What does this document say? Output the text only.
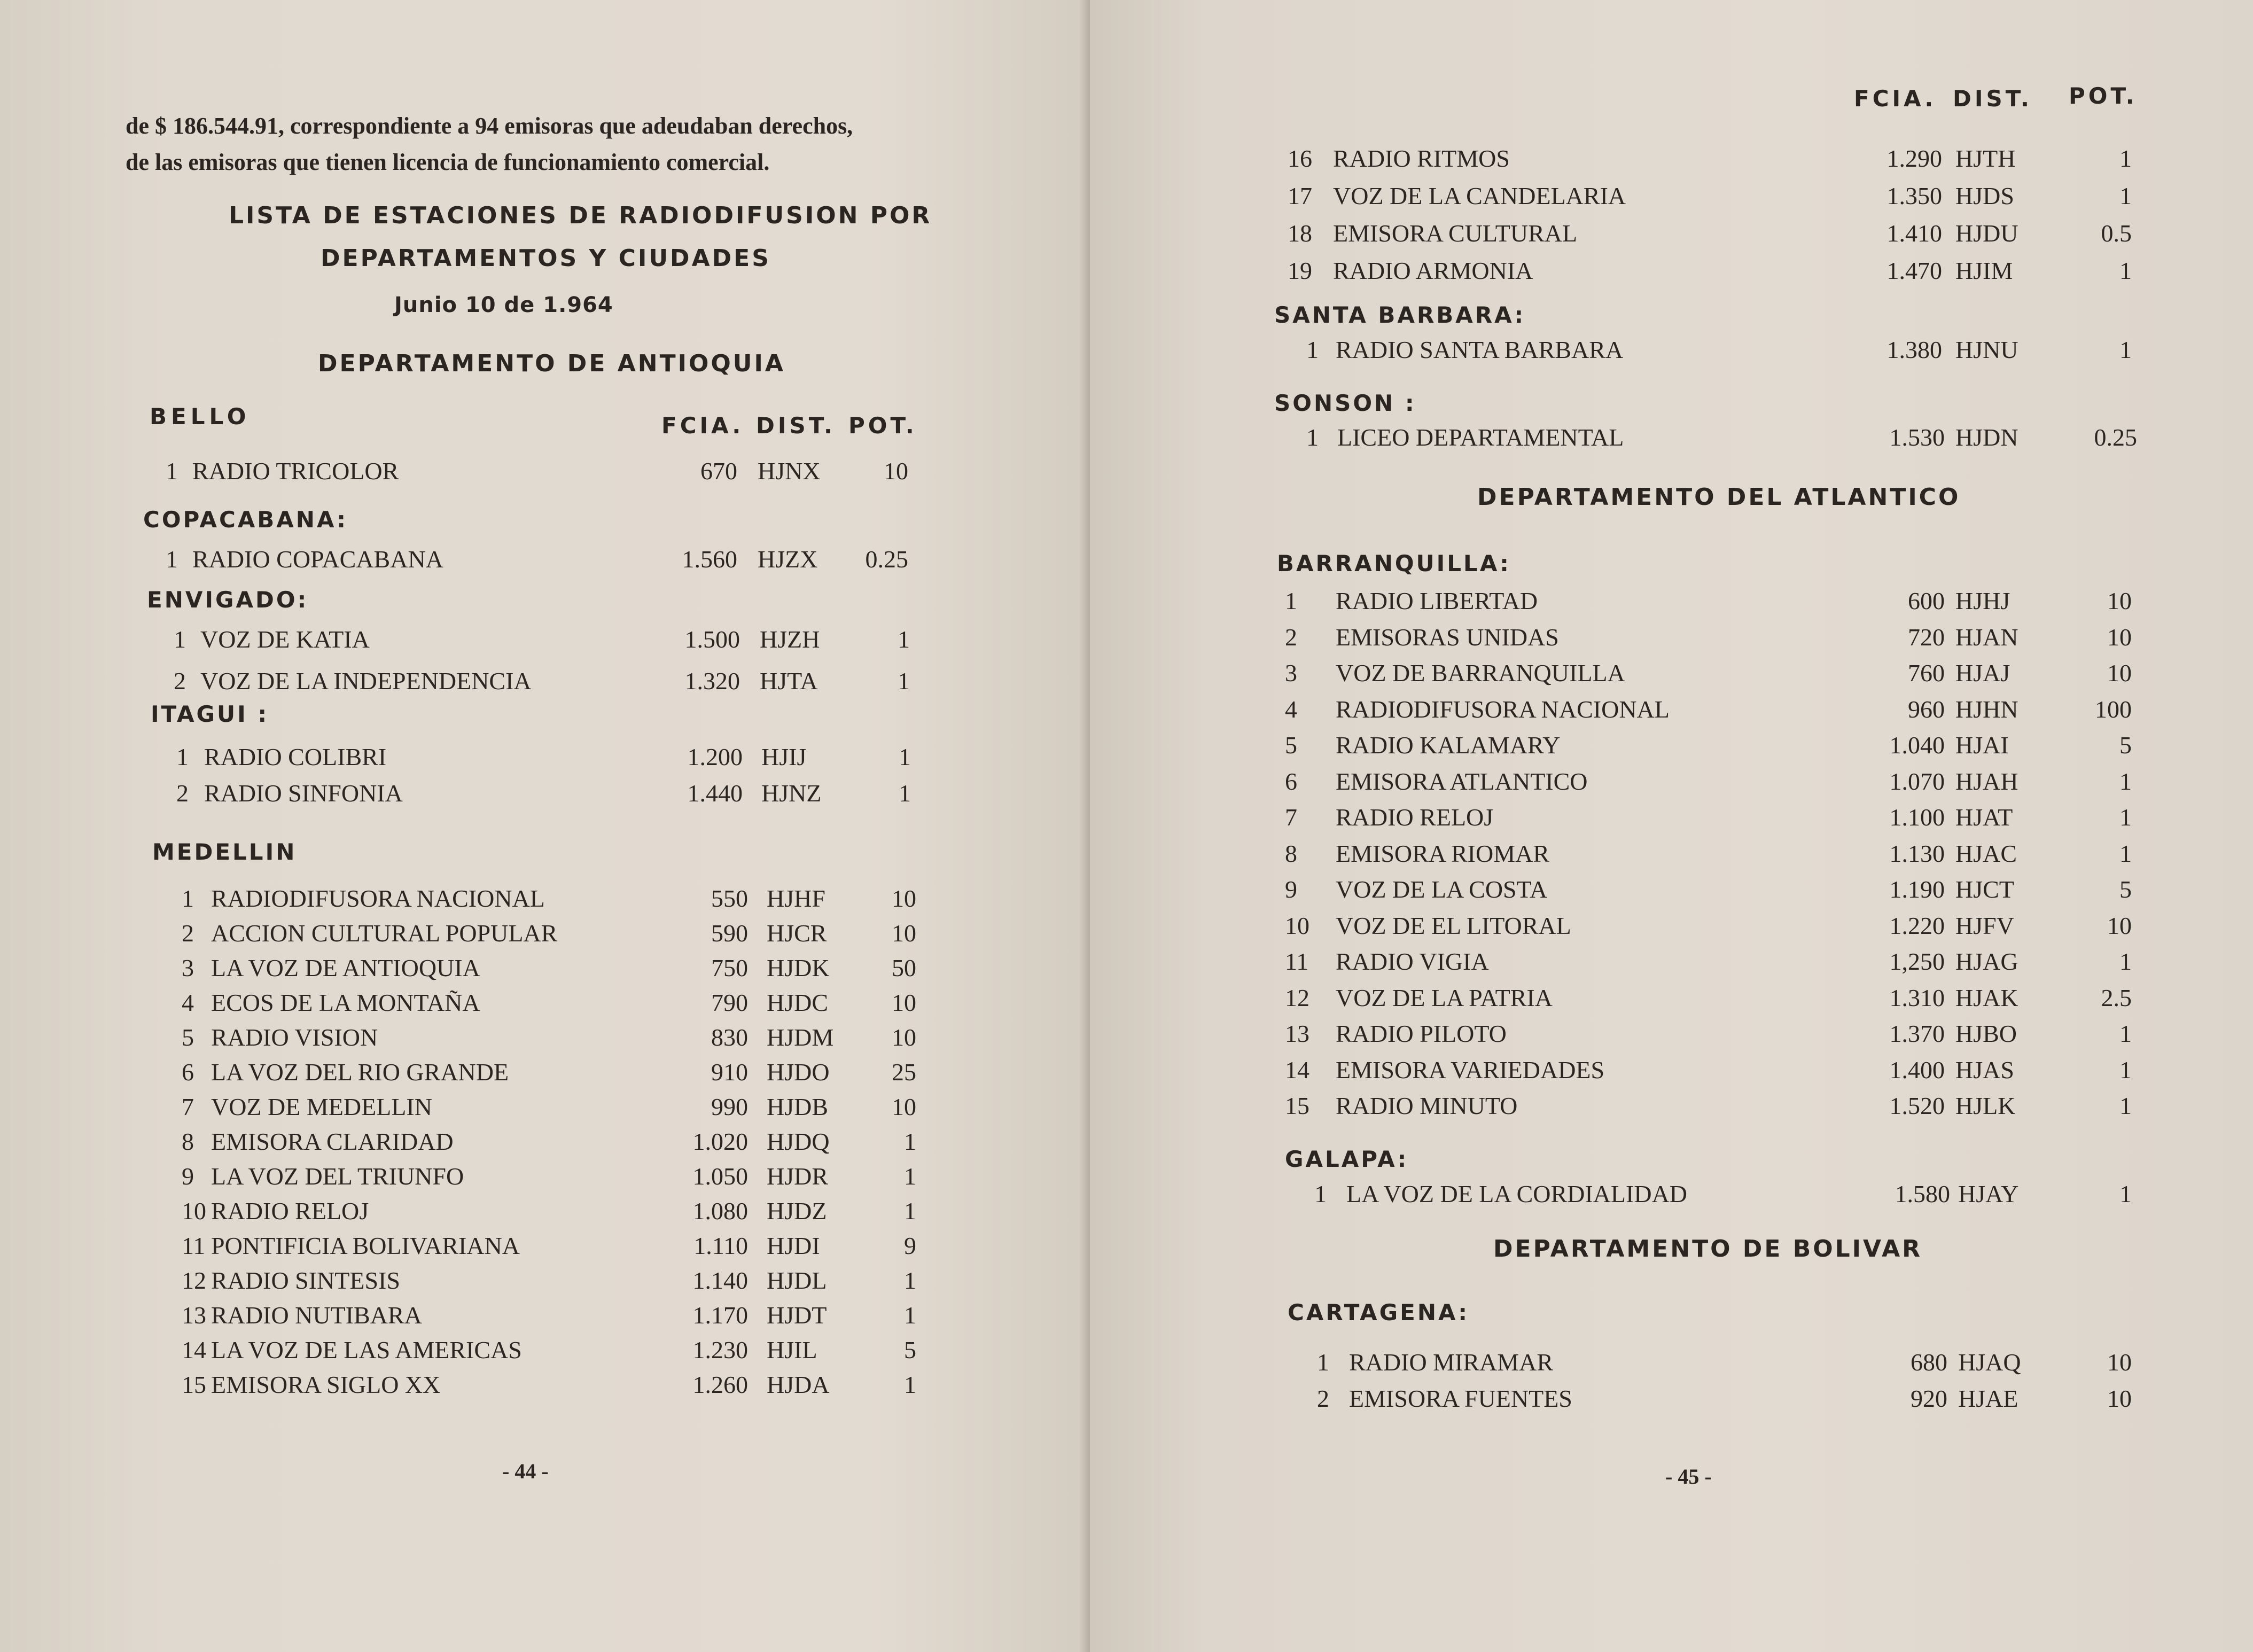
de $ 186.544.91, correspondiente a 94 emisoras que adeudaban derechos,
de las emisoras que tienen licencia de funcionamiento comercial.
LISTA DE ESTACIONES DE RADIODIFUSION POR
DEPARTAMENTOS Y CIUDADES
Junio 10 de 1.964
DEPARTAMENTO DE ANTIOQUIA
BELLO	FCIA. DIST. POT.
1 RADIO TRICOLOR	670 HJNX	10
COPACABANA:
1 RADIO COPACABANA	1.560 HJZX	0.25
ENVIGADO:
1 VOZ DE KATIA	1.500 HJZH	1
2 VOZ DE LA INDEPENDENCIA	1.320 HJTA	1
ITAGUI :
1 RADIO COLIBRI	1.200 HJIJ	1
2 RADIO SINFONIA	1.440 HJNZ	1
MEDELLIN
1 RADIODIFUSORA NACIONAL	550 HJHF	10
2 ACCION CULTURAL POPULAR	590 HJCR	10
3 LA VOZ DE ANTIOQUIA	750 HJDK	50
4 ECOS DE LA MONTAÑA	790 HJDC	10
5 RADIO VISION	830 HJDM	10
6 LA VOZ DEL RIO GRANDE	910 HJDO	25
7 VOZ DE MEDELLIN	990 HJDB	10
8 EMISORA CLARIDAD	1.020 HJDQ	1
9 LA VOZ DEL TRIUNFO	1.050 HJDR	1
10 RADIO RELOJ	1.080 HJDZ	1
11 PONTIFICIA BOLIVARIANA	1.110 HJDI	9
12 RADIO SINTESIS	1.140 HJDL	1
13 RADIO NUTIBARA	1.170 HJDT	1
14 LA VOZ DE LAS AMERICAS	1.230 HJIL	5
15 EMISORA SIGLO XX	1.260 HJDA	1
- 44 -
FCIA. DIST. POT.
16 RADIO RITMOS	1.290 HJTH	1
17 VOZ DE LA CANDELARIA	1.350 HJDS	1
18 EMISORA CULTURAL	1.410 HJDU	0.5
19 RADIO ARMONIA	1.470 HJIM	1
SANTA BARBARA:
1 RADIO SANTA BARBARA	1.380 HJNU	1
SONSON :
1 LICEO DEPARTAMENTAL	1.530 HJDN	0.25
DEPARTAMENTO DEL ATLANTICO
BARRANQUILLA:
1 RADIO LIBERTAD	600 HJHJ	10
2 EMISORAS UNIDAS	720 HJAN	10
3 VOZ DE BARRANQUILLA	760 HJAJ	10
4 RADIODIFUSORA NACIONAL	960 HJHN	100
5 RADIO KALAMARY	1.040 HJAI	5
6 EMISORA ATLANTICO	1.070 HJAH	1
7 RADIO RELOJ	1.100 HJAT	1
8 EMISORA RIOMAR	1.130 HJAC	1
9 VOZ DE LA COSTA	1.190 HJCT	5
10 VOZ DE EL LITORAL	1.220 HJFV	10
11 RADIO VIGIA	1,250 HJAG	1
12 VOZ DE LA PATRIA	1.310 HJAK	2.5
13 RADIO PILOTO	1.370 HJBO	1
14 EMISORA VARIEDADES	1.400 HJAS	1
15 RADIO MINUTO	1.520 HJLK	1
GALAPA:
1 LA VOZ DE LA CORDIALIDAD	1.580 HJAY	1
DEPARTAMENTO DE BOLIVAR
CARTAGENA:
1 RADIO MIRAMAR	680 HJAQ	10
2 EMISORA FUENTES	920 HJAE	10
- 45 -
